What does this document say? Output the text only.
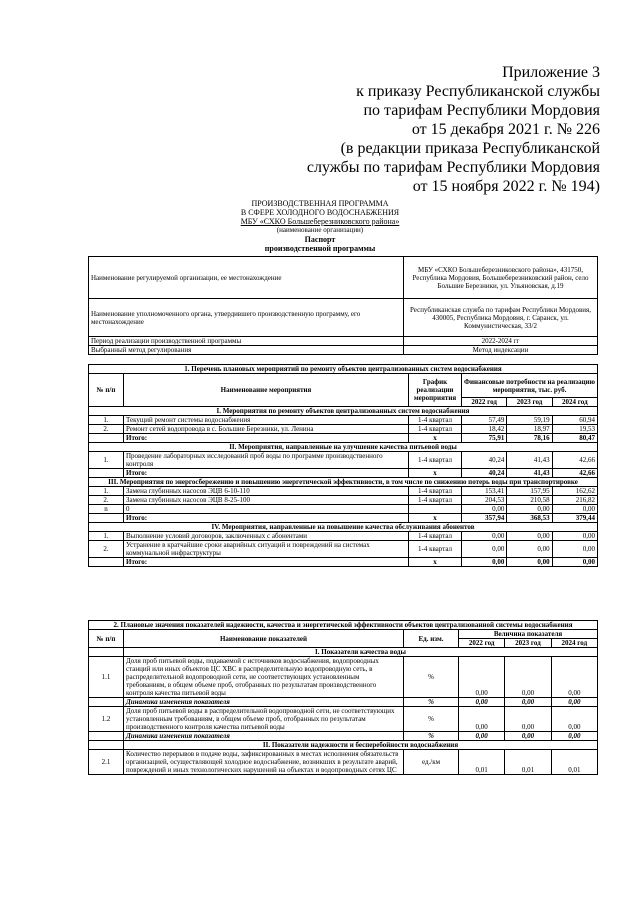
Приложение 3
к приказу Республиканской службы
по тарифам Республики Мордовия
от 15 декабря 2021 г. № 226
(в редакции приказа Республиканской
службы по тарифам Республики Мордовия
от 15 ноября 2022 г. № 194)
ПРОИЗВОДСТВЕННАЯ ПРОГРАММА
В СФЕРЕ ХОЛОДНОГО ВОДОСНАБЖЕНИЯ
МБУ «СХКО Большеберезниковского района»
(наименование организации)
Паспорт
производственной программы
Наименование регулируемой организации, ее местонахождение	МБУ «СХКО Большеберезниковского района», 431750, Республика Мордовия, Большеберезниковский район, село Большие Березники, ул. Ульяновская, д.19
Наименование уполномоченного органа, утвердившего производственную программу, его местонахождение	Республиканская служба по тарифам Республики Мордовия, 430005, Республика Мордовия, г. Саранск, ул. Коммунистическая, 33/2
Период реализации производственной программы	2022-2024 гг
Выбранный метод регулирования	Метод индексации
1. Перечень плановых мероприятий по ремонту объектов централизованных систем водоснабжения					
№ п/п	Наименование мероприятия	График реализации мероприятия	Финансовые потребности на реализацию мероприятия, тыс. руб.		
			2022 год	2023 год	2024 год
I. Мероприятия по ремонту объектов централизованных систем водоснабжения					
1.	Текущий ремонт системы водоснабжения	1-4 квартал	57,49	59,19	60,94
2.	Ремонт сетей водопровода в с. Большие Березники, ул. Ленина	1-4 квартал	18,42	18,97	19,53
	Итого:	x	75,91	78,16	80,47
II. Мероприятия, направленные на улучшение качества питьевой воды					
1.	Проведение лабораторных исследований проб воды по программе производственного контроля	1-4 квартал	40,24	41,43	42,66
	Итого:	x	40,24	41,43	42,66
III. Мероприятия по энергосбережению и повышению энергетической эффективности, в том числе по снижению потерь воды при транспортировке					
1.	Замена глубинных насосов ЭЦВ 6-10-110	1-4 квартал	153,41	157,95	162,62
2.	Замена глубинных насосов ЭЦВ 8-25-100	1-4 квартал	204,53	210,58	216,82
n	0		0,00	0,00	0,00
	Итого:	x	357,94	368,53	379,44
IV. Мероприятия, направленные на повышение качества обслуживания абонентов					
1.	Выполнение условий договоров, заключенных с абонентами	1-4 квартал	0,00	0,00	0,00
2.	Устранение в кратчайшие сроки аварийных ситуаций и повреждений на системах коммунальной инфраструктуры	1-4 квартал	0,00	0,00	0,00
	Итого:	x	0,00	0,00	0,00
2. Плановые значения показателей надежности, качества и энергетической эффективности объектов централизованной системы водоснабжения					
№ п/п	Наименование показателей	Ед. изм.	Величина показателя		
			2022 год	2023 год	2024 год
	I. Показатели качества воды				
1.1	Доля проб питьевой воды, подаваемой с источников водоснабжения, водопроводных станций или иных объектов ЦС ХВС в распределительную водопроводную сеть, в распределительной водопроводной сети, не соответствующих установленным требованиям, в общем объеме проб, отобранных по результатам производственного контроля качества питьевой воды	%	0,00	0,00	0,00
	Динамика изменения показателя	%	0,00	0,00	0,00
1.2	Доля проб питьевой воды в распределительной водопроводной сети, не соответствующих установленным требованиям, в общем объеме проб, отобранных по результатам производственного контроля качества питьевой воды	%	0,00	0,00	0,00
	Динамика изменения показателя	%	0,00	0,00	0,00
	II. Показатели надежности и бесперебойности водоснабжения				
2.1	Количество перерывов в подаче воды, зафиксированных в местах исполнения обязательств организацией, осуществляющей холодное водоснабжение, возникших в результате аварий, повреждений и иных технологических нарушений на объектах и водопроводных сетях ЦС	ед./км	0,01	0,01	0,01
